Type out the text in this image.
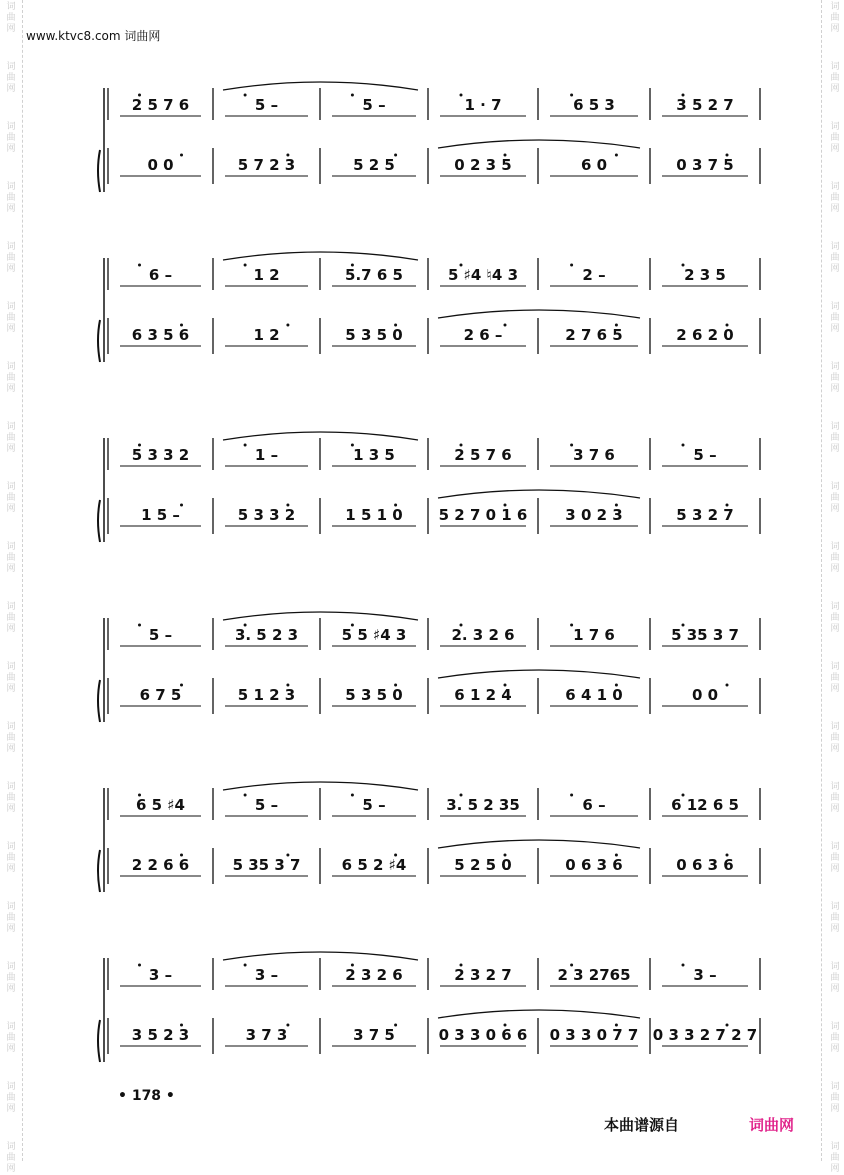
www.ktvc8.com 词曲网
2 5 7 6
0 0
5 –
5 7 2 3
5 –
5 2 5
1 · 7
0 2 3 5
6 5 3
6 0
3 5 2 7
0 3 7 5
6 –
6 3 5 6
1 2
1 2
5.7 6 5
5 3 5 0
5 ♯4 ♮4 3
2 6 –
2 –
2 7 6 5
2 3 5
2 6 2 0
5 3 3 2
1 5 –
1 –
5 3 3 2
1 3 5
1 5 1 0
2 5 7 6
5 2 7 0 1 6
3 7 6
3 0 2 3
5 –
5 3 2 7
5 –
6 7 5
3. 5 2 3
5 1 2 3
5 5 ♯4 3
5 3 5 0
2. 3 2 6
6 1 2 4
1 7 6
6 4 1 0
5 35 3 7
0 0
6 5 ♯4
2 2 6 6
5 –
5 35 3 7
5 –
6 5 2 ♯4
3. 5 2 35
5 2 5 0
6 –
0 6 3 6
6 12 6 5
0 6 3 6
3 –
3 5 2 3
3 –
3 7 3
2 3 2 6
3 7 5
2 3 2 7
0 3 3 0 6 6
2 3 2765
0 3 3 0 7 7
3 –
0 3 3 2 7 2 7
• 178 •
本曲谱源自	词曲网
词
曲
网
词
曲
网
词
曲
网
词
曲
网
词
曲
网
词
曲
网
词
曲
网
词
曲
网
词
曲
网
词
曲
网
词
曲
网
词
曲
网
词
曲
网
词
曲
网
词
曲
网
词
曲
网
词
曲
网
词
曲
网
词
曲
网
词
曲
网
词
曲
网
词
曲
网
词
曲
网
词
曲
网
词
曲
网
词
曲
网
词
曲
网
词
曲
网
词
曲
网
词
曲
网
词
曲
网
词
曲
网
词
曲
网
词
曲
网
词
曲
网
词
曲
网
词
曲
网
词
曲
网
词
曲
网
词
曲
网
